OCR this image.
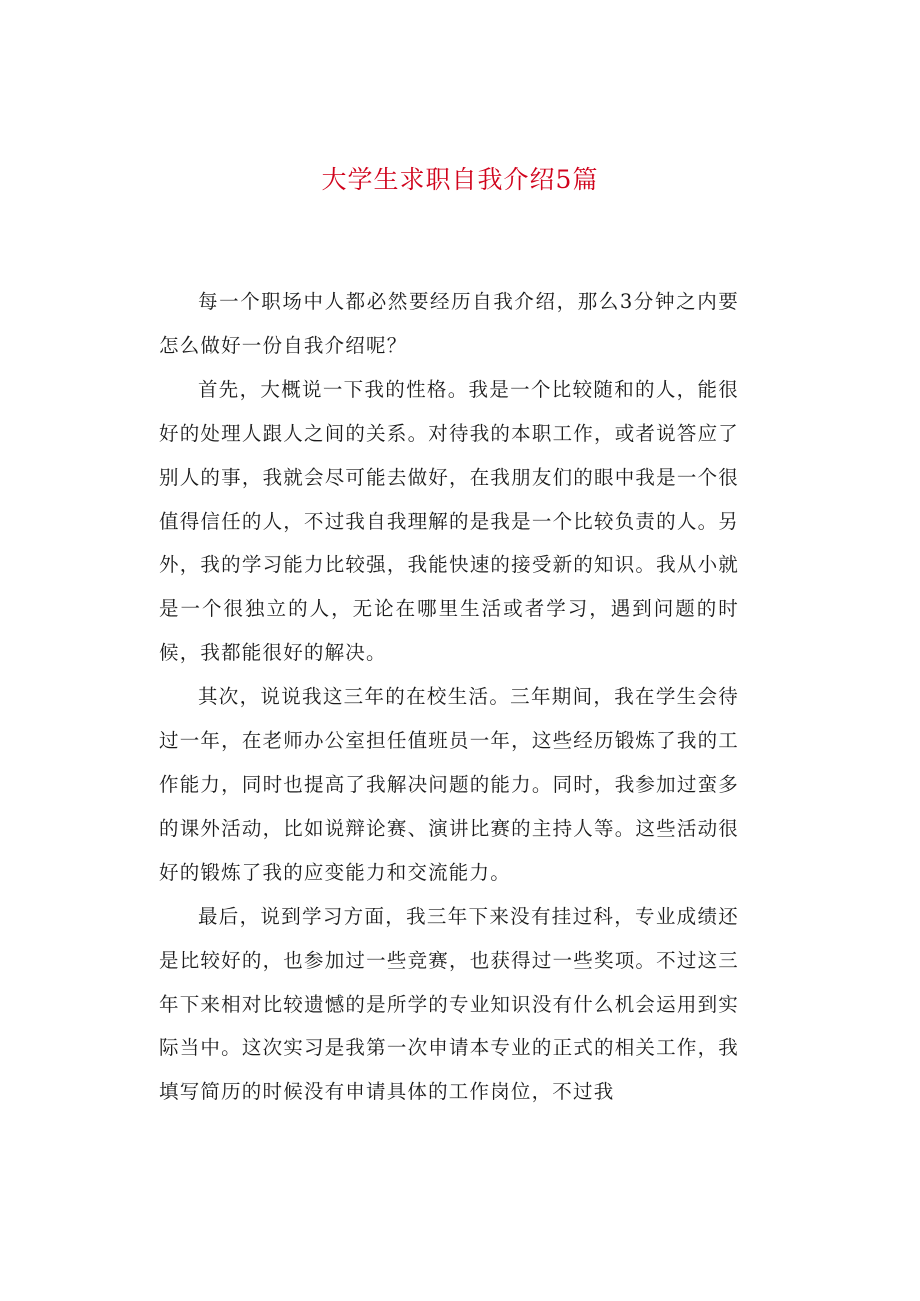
大学生求职自我介绍5篇

每一个职场中人都必然要经历自我介绍，那么3分钟之内要怎么做好一份自我介绍呢？

首先，大概说一下我的性格。我是一个比较随和的人，能很好的处理人跟人之间的关系。对待我的本职工作，或者说答应了别人的事，我就会尽可能去做好，在我朋友们的眼中我是一个很值得信任的人，不过我自我理解的是我是一个比较负责的人。另外，我的学习能力比较强，我能快速的接受新的知识。我从小就是一个很独立的人，无论在哪里生活或者学习，遇到问题的时候，我都能很好的解决。

其次，说说我这三年的在校生活。三年期间，我在学生会待过一年，在老师办公室担任值班员一年，这些经历锻炼了我的工作能力，同时也提高了我解决问题的能力。同时，我参加过蛮多的课外活动，比如说辩论赛、演讲比赛的主持人等。这些活动很好的锻炼了我的应变能力和交流能力。

最后，说到学习方面，我三年下来没有挂过科，专业成绩还是比较好的，也参加过一些竞赛，也获得过一些奖项。不过这三年下来相对比较遗憾的是所学的专业知识没有什么机会运用到实际当中。这次实习是我第一次申请本专业的正式的相关工作，我填写简历的时候没有申请具体的工作岗位，不过我
